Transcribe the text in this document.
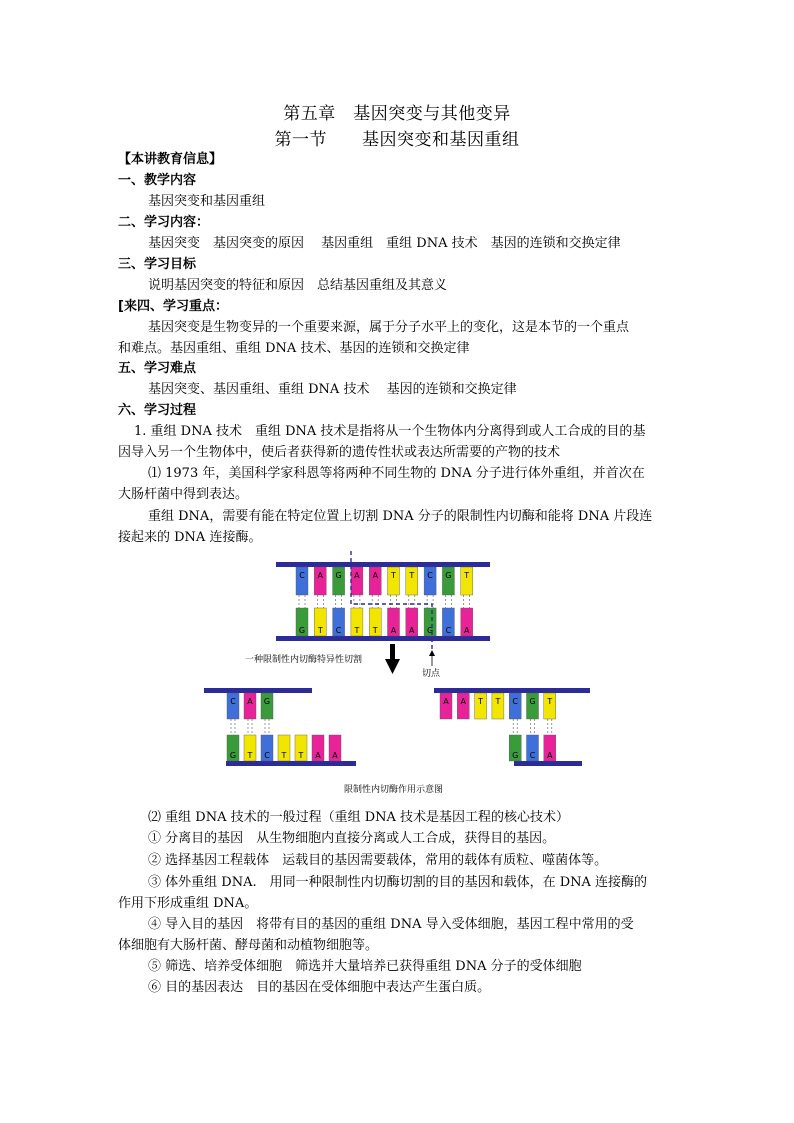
第五章　基因突变与其他变异
第一节　　基因突变和基因重组
【本讲教育信息】
一、教学内容
基因突变和基因重组
二、学习内容：
基因突变　基因突变的原因　 基因重组　重组 DNA 技术　基因的连锁和交换定律
三、学习目标
说明基因突变的特征和原因　总结基因重组及其意义
[来四、学习重点：
基因突变是生物变异的一个重要来源，属于分子水平上的变化，这是本节的一个重点
和难点。基因重组、重组 DNA 技术、基因的连锁和交换定律
五、学习难点
基因突变、基因重组、重组 DNA 技术　 基因的连锁和交换定律
六、学习过程
1. 重组 DNA 技术　重组 DNA 技术是指将从一个生物体内分离得到或人工合成的目的基
因导入另一个生物体中，使后者获得新的遗传性状或表达所需要的产物的技术
⑴ 1973 年，美国科学家科恩等将两种不同生物的 DNA 分子进行体外重组，并首次在
大肠杆菌中得到表达。
重组 DNA，需要有能在特定位置上切割 DNA 分子的限制性内切酶和能将 DNA 片段连
接起来的 DNA 连接酶。
C A G A A T T C G T
G T C T T A A G C A
C A G
G T C T T A A
A A T T C G T
G C A
一种限制性内切酶特异性切割
切点
限制性内切酶作用示意图
⑵ 重组 DNA 技术的一般过程（重组 DNA 技术是基因工程的核心技术）
① 分离目的基因　从生物细胞内直接分离或人工合成，获得目的基因。
② 选择基因工程载体　运载目的基因需要载体，常用的载体有质粒、噬菌体等。
③ 体外重组 DNA.　用同一种限制性内切酶切割的目的基因和载体，在 DNA 连接酶的
作用下形成重组 DNA。
④ 导入目的基因　将带有目的基因的重组 DNA 导入受体细胞，基因工程中常用的受
体细胞有大肠杆菌、酵母菌和动植物细胞等。
⑤ 筛选、培养受体细胞　筛选并大量培养已获得重组 DNA 分子的受体细胞
⑥ 目的基因表达　目的基因在受体细胞中表达产生蛋白质。
